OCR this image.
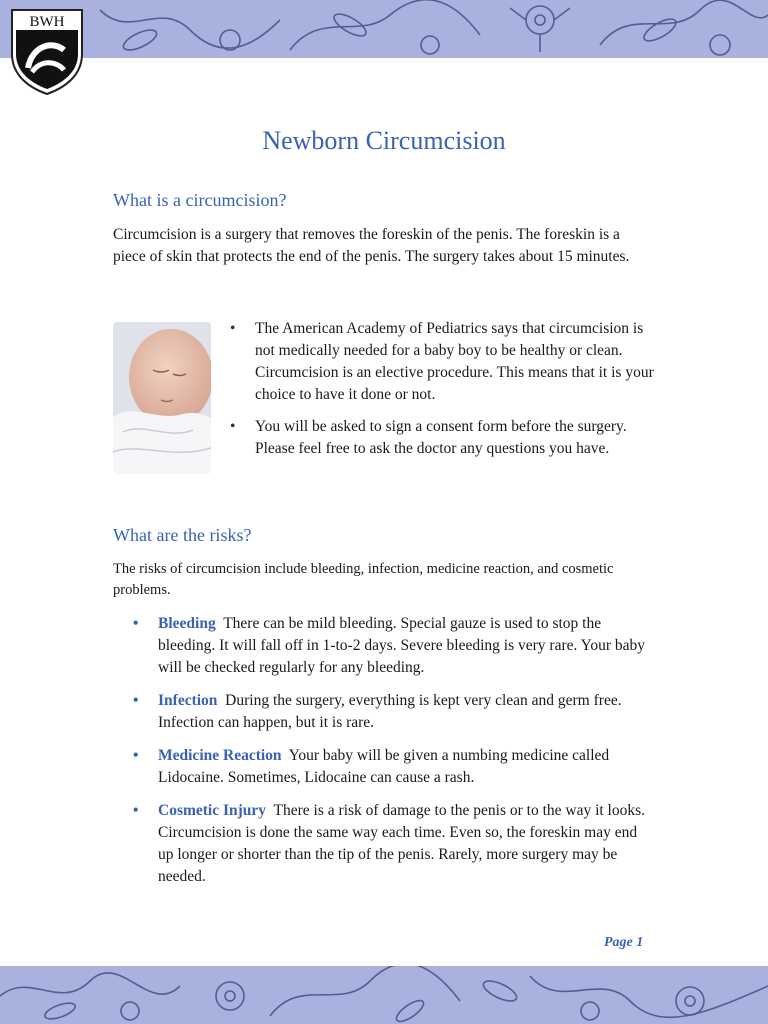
BWH
Newborn Circumcision
What is a circumcision?
Circumcision is a surgery that removes the foreskin of the penis. The foreskin is a piece of skin that protects the end of the penis. The surgery takes about 15 minutes.
• The American Academy of Pediatrics says that circumcision is not medically needed for a baby boy to be healthy or clean. Circumcision is an elective procedure. This means that it is your choice to have it done or not.
• You will be asked to sign a consent form before the surgery. Please feel free to ask the doctor any questions you have.
What are the risks?
The risks of circumcision include bleeding, infection, medicine reaction, and cosmetic problems.
• Bleeding There can be mild bleeding. Special gauze is used to stop the bleeding. It will fall off in 1-to-2 days. Severe bleeding is very rare. Your baby will be checked regularly for any bleeding.
• Infection During the surgery, everything is kept very clean and germ free. Infection can happen, but it is rare.
• Medicine Reaction Your baby will be given a numbing medicine called Lidocaine. Sometimes, Lidocaine can cause a rash.
• Cosmetic Injury There is a risk of damage to the penis or to the way it looks. Circumcision is done the same way each time. Even so, the foreskin may end up longer or shorter than the tip of the penis. Rarely, more surgery may be needed.
Page 1
